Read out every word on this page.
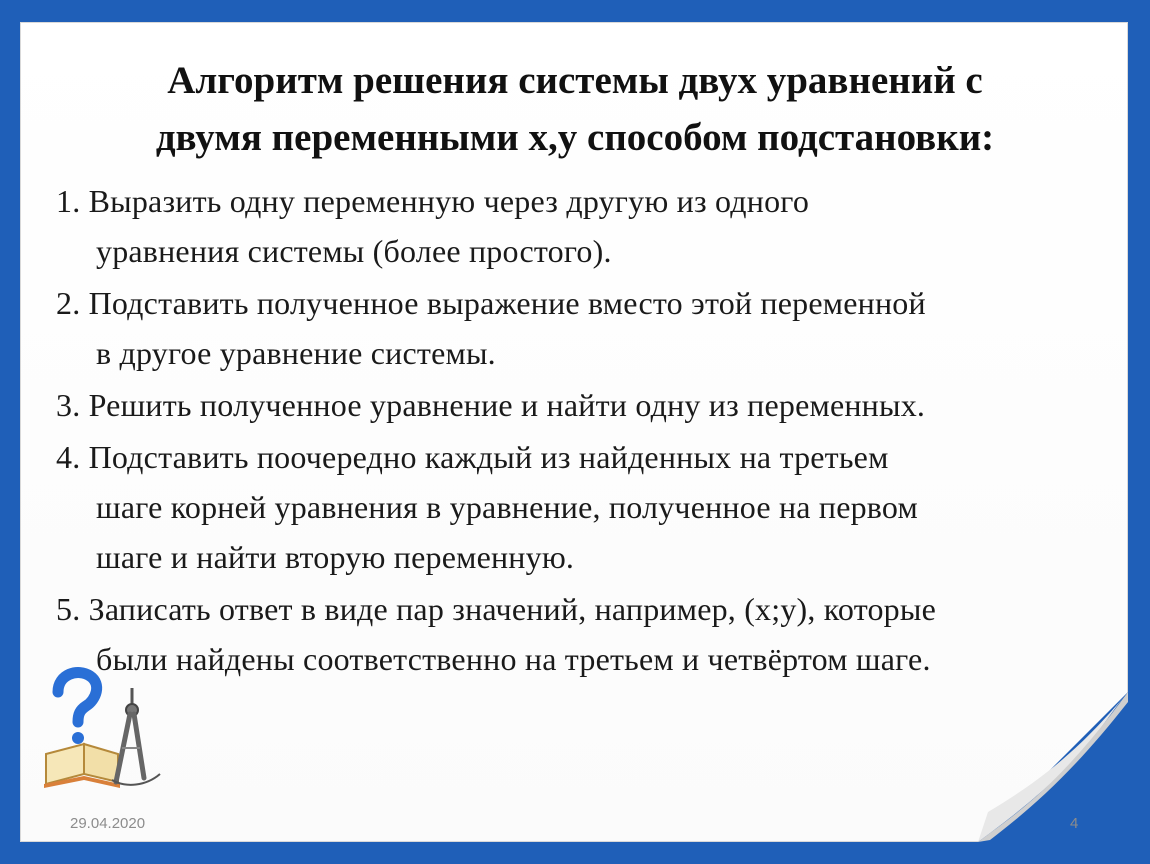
Алгоритм решения системы двух уравнений с
двумя переменными х,у способом подстановки:
1. Выразить одну переменную через другую из одного
уравнения системы (более простого).
2. Подставить полученное выражение вместо этой переменной
в другое уравнение системы.
3. Решить полученное уравнение и найти одну из переменных.
4. Подставить поочередно каждый из найденных на третьем
шаге корней уравнения в уравнение, полученное на первом
шаге и найти вторую переменную.
5. Записать ответ в виде пар значений, например, (х;у), которые
были найдены соответственно на третьем и четвёртом шаге.
29.04.2020	4
